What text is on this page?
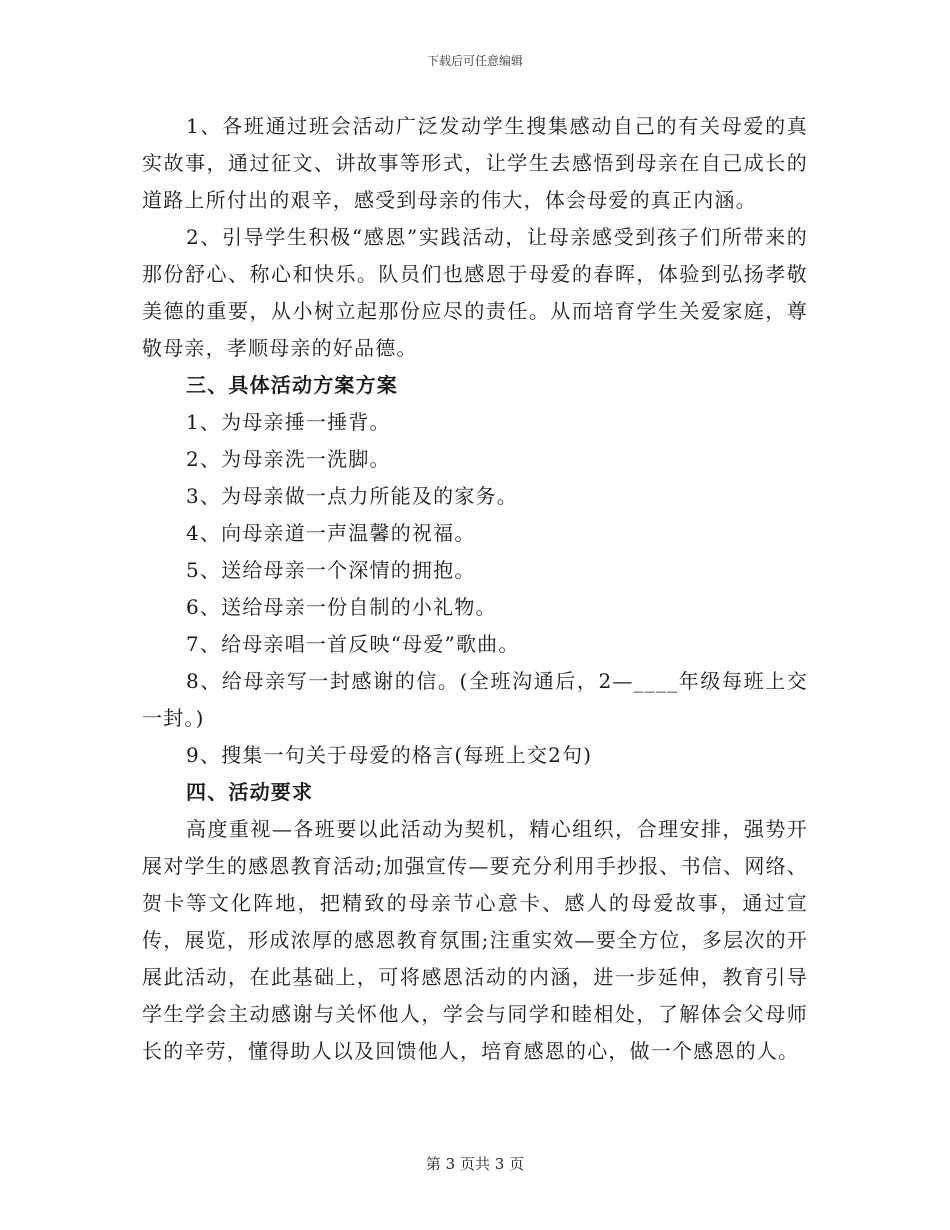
下载后可任意编辑

1、各班通过班会活动广泛发动学生搜集感动自己的有关母爱的真实故事，通过征文、讲故事等形式，让学生去感悟到母亲在自己成长的道路上所付出的艰辛，感受到母亲的伟大，体会母爱的真正内涵。

2、引导学生积极“感恩”实践活动，让母亲感受到孩子们所带来的那份舒心、称心和快乐。队员们也感恩于母爱的春晖，体验到弘扬孝敬美德的重要，从小树立起那份应尽的责任。从而培育学生关爱家庭，尊敬母亲，孝顺母亲的好品德。

三、具体活动方案方案

1、为母亲捶一捶背。

2、为母亲洗一洗脚。

3、为母亲做一点力所能及的家务。

4、向母亲道一声温馨的祝福。

5、送给母亲一个深情的拥抱。

6、送给母亲一份自制的小礼物。

7、给母亲唱一首反映“母爱”歌曲。

8、给母亲写一封感谢的信。(全班沟通后，2—____年级每班上交一封。)

9、搜集一句关于母爱的格言(每班上交2句)

四、活动要求

高度重视—各班要以此活动为契机，精心组织，合理安排，强势开展对学生的感恩教育活动;加强宣传—要充分利用手抄报、书信、网络、贺卡等文化阵地，把精致的母亲节心意卡、感人的母爱故事，通过宣传，展览，形成浓厚的感恩教育氛围;注重实效—要全方位，多层次的开展此活动，在此基础上，可将感恩活动的内涵，进一步延伸，教育引导学生学会主动感谢与关怀他人，学会与同学和睦相处，了解体会父母师长的辛劳，懂得助人以及回馈他人，培育感恩的心，做一个感恩的人。

第 3 页共 3 页
